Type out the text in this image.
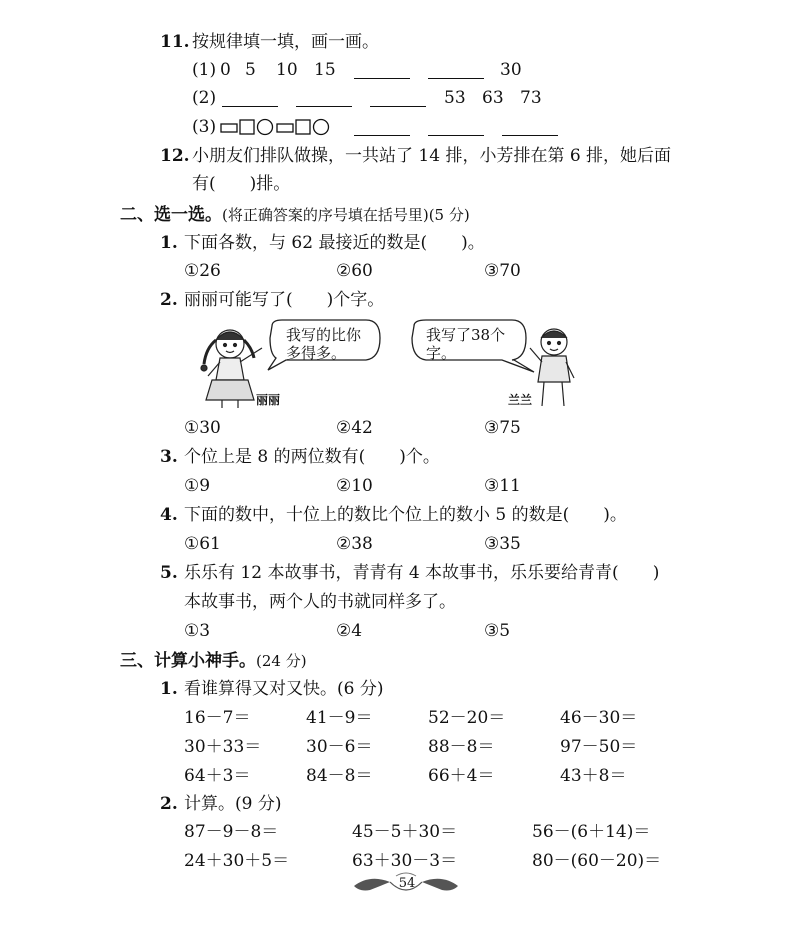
11. 按规律填一填，画一画。
(1) 0 5 10 15	30
(2)	53 63 73
(3)
12. 小朋友们排队做操，一共站了 14 排，小芳排在第 6 排，她后面
有(　　)排。
二、选一选。(将正确答案的序号填在括号里)(5 分)
1. 下面各数，与 62 最接近的数是(　　)。
①26	②60	③70
2. 丽丽可能写了(　　)个字。
我写的比你
多得多。
我写了38个
字。
丽丽	兰兰
①30	②42	③75
3. 个位上是 8 的两位数有(　　)个。
①9	②10	③11
4. 下面的数中，十位上的数比个位上的数小 5 的数是(　　)。
①61	②38	③35
5. 乐乐有 12 本故事书，青青有 4 本故事书，乐乐要给青青(　　)
本故事书，两个人的书就同样多了。
①3	②4	③5
三、计算小神手。(24 分)
1. 看谁算得又对又快。(6 分)
16－7＝	41－9＝	52－20＝	46－30＝
30＋33＝	30－6＝	88－8＝	97－50＝
64＋3＝	84－8＝	66＋4＝	43＋8＝
2. 计算。(9 分)
87－9－8＝	45－5＋30＝	56－(6＋14)＝
24＋30＋5＝	63＋30－3＝	80－(60－20)＝
54
